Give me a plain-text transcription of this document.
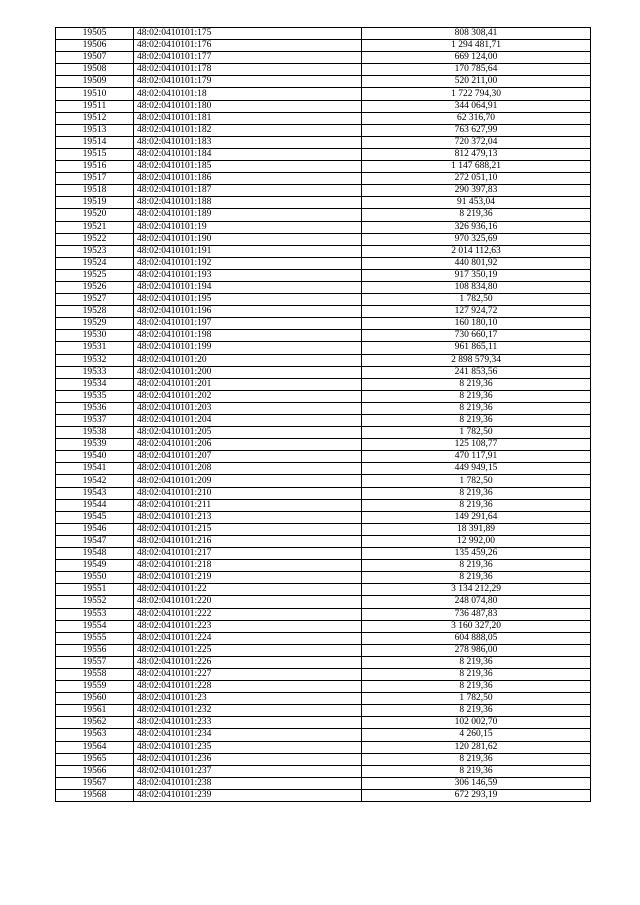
19505	48:02:0410101:175	808 308,41
19506	48:02:0410101:176	1 294 481,71
19507	48:02:0410101:177	669 124,00
19508	48:02:0410101:178	170 785,64
19509	48:02:0410101:179	520 211,00
19510	48:02:0410101:18	1 722 794,30
19511	48:02:0410101:180	344 064,91
19512	48:02:0410101:181	62 316,70
19513	48:02:0410101:182	763 627,99
19514	48:02:0410101:183	720 372,04
19515	48:02:0410101:184	812 479,13
19516	48:02:0410101:185	1 147 688,21
19517	48:02:0410101:186	272 051,10
19518	48:02:0410101:187	290 397,83
19519	48:02:0410101:188	91 453,04
19520	48:02:0410101:189	8 219,36
19521	48:02:0410101:19	326 936,16
19522	48:02:0410101:190	970 325,69
19523	48:02:0410101:191	2 014 112,63
19524	48:02:0410101:192	440 801,92
19525	48:02:0410101:193	917 350,19
19526	48:02:0410101:194	108 834,80
19527	48:02:0410101:195	1 782,50
19528	48:02:0410101:196	127 924,72
19529	48:02:0410101:197	160 180,10
19530	48:02:0410101:198	730 660,17
19531	48:02:0410101:199	961 865,11
19532	48:02:0410101:20	2 898 579,34
19533	48:02:0410101:200	241 853,56
19534	48:02:0410101:201	8 219,36
19535	48:02:0410101:202	8 219,36
19536	48:02:0410101:203	8 219,36
19537	48:02:0410101:204	8 219,36
19538	48:02:0410101:205	1 782,50
19539	48:02:0410101:206	125 108,77
19540	48:02:0410101:207	470 117,91
19541	48:02:0410101:208	449 949,15
19542	48:02:0410101:209	1 782,50
19543	48:02:0410101:210	8 219,36
19544	48:02:0410101:211	8 219,36
19545	48:02:0410101:213	149 291,64
19546	48:02:0410101:215	18 391,89
19547	48:02:0410101:216	12 992,00
19548	48:02:0410101:217	135 459,26
19549	48:02:0410101:218	8 219,36
19550	48:02:0410101:219	8 219,36
19551	48:02:0410101:22	3 134 212,29
19552	48:02:0410101:220	248 074,80
19553	48:02:0410101:222	736 487,83
19554	48:02:0410101:223	3 160 327,20
19555	48:02:0410101:224	604 888,05
19556	48:02:0410101:225	278 986,00
19557	48:02:0410101:226	8 219,36
19558	48:02:0410101:227	8 219,36
19559	48:02:0410101:228	8 219,36
19560	48:02:0410101:23	1 782,50
19561	48:02:0410101:232	8 219,36
19562	48:02:0410101:233	102 002,70
19563	48:02:0410101:234	4 260,15
19564	48:02:0410101:235	120 281,62
19565	48:02:0410101:236	8 219,36
19566	48:02:0410101:237	8 219,36
19567	48:02:0410101:238	306 146,59
19568	48:02:0410101:239	672 293,19
